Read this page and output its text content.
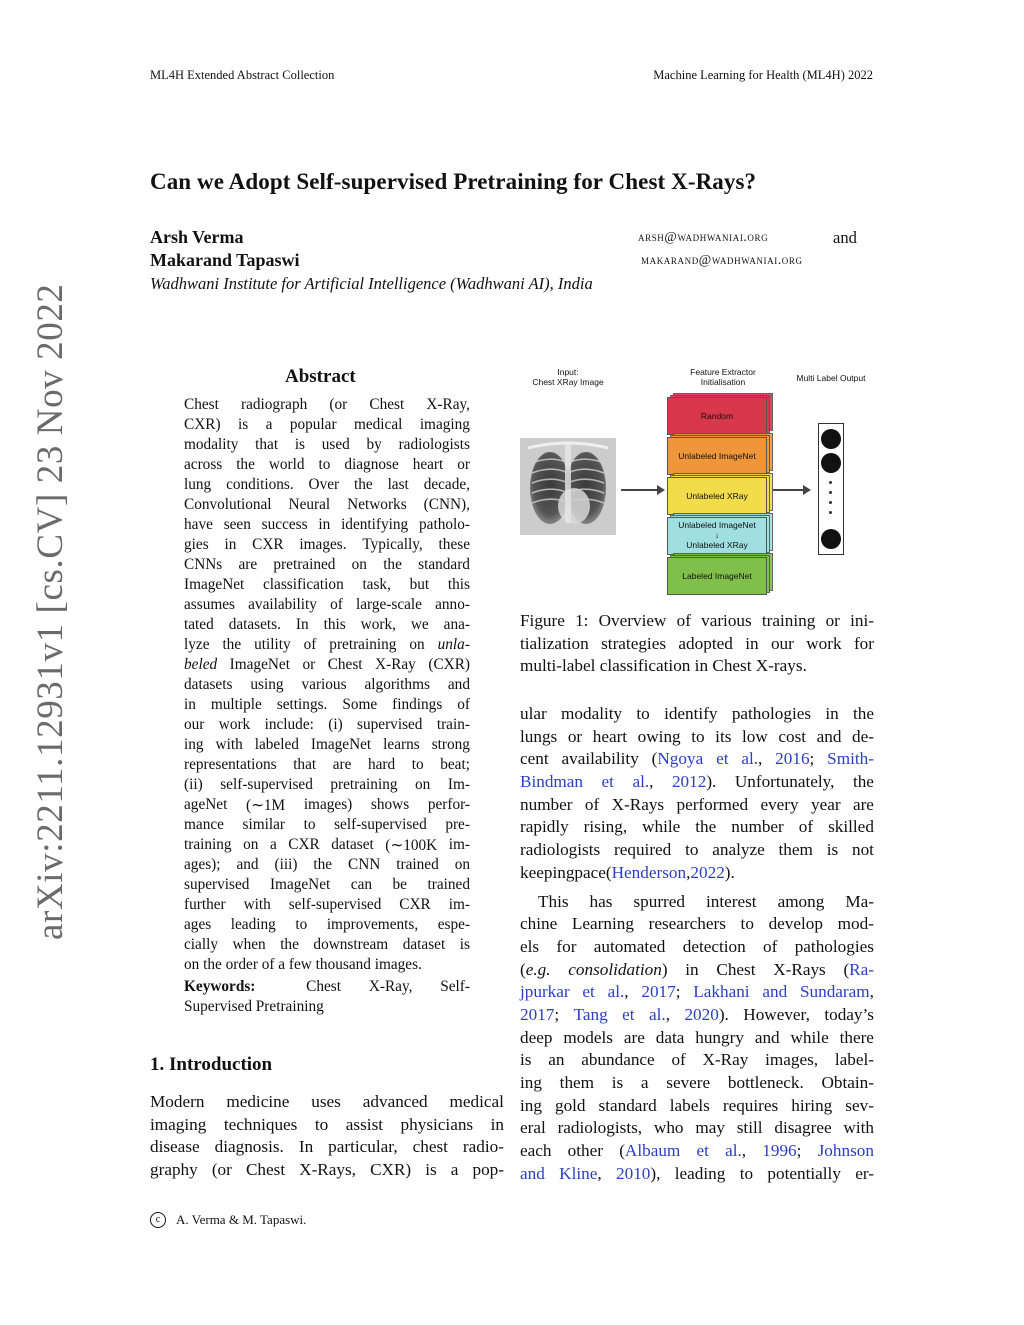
ML4H Extended Abstract Collection	Machine Learning for Health (ML4H) 2022
Can we Adopt Self-supervised Pretraining for Chest X-Rays?
Arsh Verma	arsh@wadhwaniai.org	and
Makarand Tapaswi	makarand@wadhwaniai.org
Wadhwani Institute for Artificial Intelligence (Wadhwani AI), India
arXiv:2211.12931v1 [cs.CV] 23 Nov 2022	Abstract
Chest radiograph (or Chest X-Ray,
CXR) is a popular medical imaging
modality that is used by radiologists
across the world to diagnose heart or
lung conditions. Over the last decade,
Convolutional Neural Networks (CNN),
have seen success in identifying patholo-
gies in CXR images. Typically, these
CNNs are pretrained on the standard
ImageNet classification task, but this
assumes availability of large-scale anno-
tated datasets. In this work, we ana-
lyze the utility of pretraining on unla-
beled ImageNet or Chest X-Ray (CXR)
datasets using various algorithms and
in multiple settings. Some findings of
our work include: (i) supervised train-
ing with labeled ImageNet learns strong
representations that are hard to beat;
(ii) self-supervised pretraining on Im-
ageNet (∼1M images) shows perfor-
mance similar to self-supervised pre-
training on a CXR dataset (∼100K im-
ages); and (iii) the CNN trained on
supervised ImageNet can be trained
further with self-supervised CXR im-
ages leading to improvements, espe-
cially when the downstream dataset is
on the order of a few thousand images.
Keywords:	Chest X-Ray, Self-
Supervised Pretraining
1. Introduction
Modern medicine uses advanced medical
imaging techniques to assist physicians in
disease diagnosis. In particular, chest radio-
graphy (or Chest X-Rays, CXR) is a pop-
Input:
Chest XRay Image
Feature Extractor
Initialisation	Multi Label Output
Random
Unlabeled ImageNet
Unlabeled XRay
Unlabeled ImageNet
↓
Unlabeled XRay
Labeled ImageNet
Figure 1: Overview of various training or ini-
tialization strategies adopted in our work for
multi-label classification in Chest X-rays.
ular modality to identify pathologies in the
lungs or heart owing to its low cost and de-
cent availability (Ngoya et al., 2016; Smith-
Bindman et al., 2012). Unfortunately, the
number of X-Rays performed every year are
rapidly rising, while the number of skilled
radiologists required to analyze them is not
keeping pace (Henderson, 2022).
This has spurred interest among Ma-
chine Learning researchers to develop mod-
els for automated detection of pathologies
(e.g. consolidation) in Chest X-Rays (Ra-
jpurkar et al., 2017; Lakhani and Sundaram,
2017; Tang et al., 2020). However, today’s
deep models are data hungry and while there
is an abundance of X-Ray images, label-
ing them is a severe bottleneck. Obtain-
ing gold standard labels requires hiring sev-
eral radiologists, who may still disagree with
each other (Albaum et al., 1996; Johnson
and Kline, 2010), leading to potentially er-
c	A. Verma & M. Tapaswi.
